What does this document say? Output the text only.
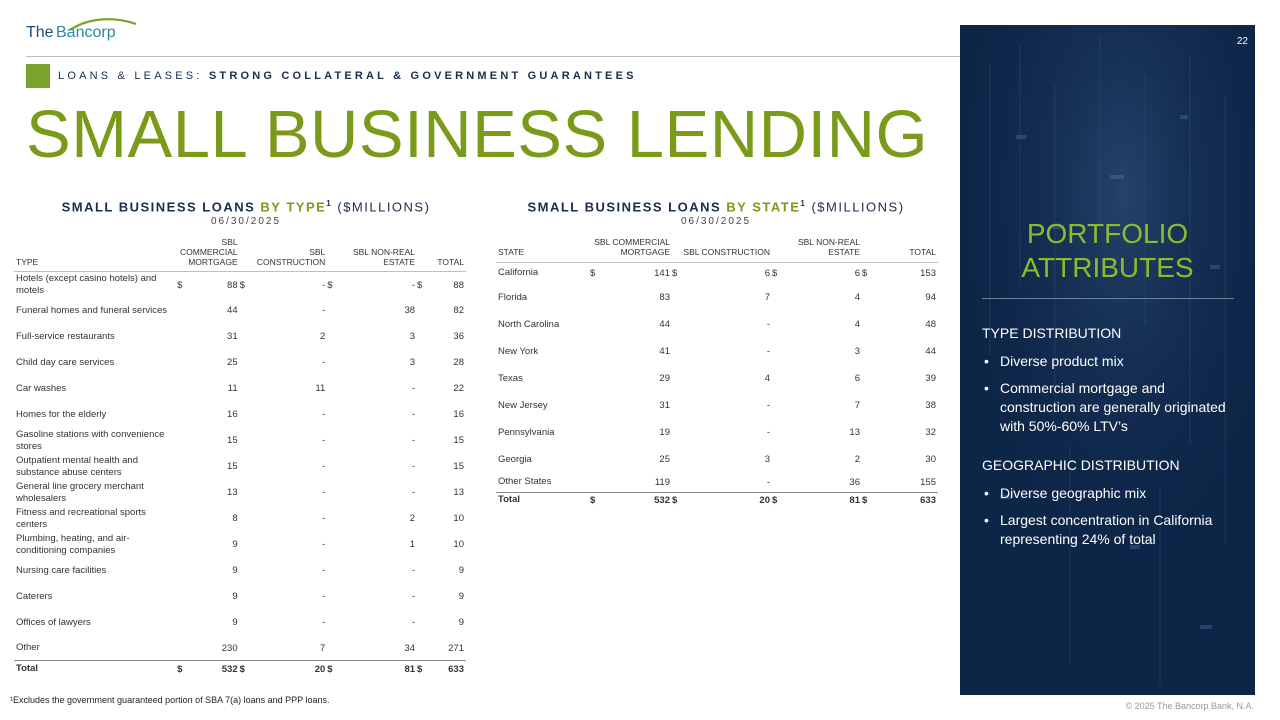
The Bancorp
LOANS & LEASES: STRONG COLLATERAL & GOVERNMENT GUARANTEES
SMALL BUSINESS LENDING
SMALL BUSINESS LOANS BY TYPE$^1$ ($MILLIONS)
06/30/2025
TYPE	SBL COMMERCIAL MORTGAGE		SBL CONSTRUCTION		SBL NON-REAL ESTATE		TOTAL	
Hotels (except casino hotels) and motels	$	88	$	-	$	-	$	88
Funeral homes and funeral services		44		-		38		82
Full-service restaurants		31		2		3		36
Child day care services		25		-		3		28
Car washes		11		11		-		22
Homes for the elderly		16		-		-		16
Gasoline stations with convenience stores		15		-		-		15
Outpatient mental health and substance abuse centers		15		-		-		15
General line grocery merchant wholesalers		13		-		-		13
Fitness and recreational sports centers		8		-		2		10
Plumbing, heating, and air-conditioning companies		9		-		1		10
Nursing care facilities		9		-		-		9
Caterers		9		-		-		9
Offices of lawyers		9		-		-		9
Other		230		7		34		271
Total	$	532	$	20	$	81	$	633
SMALL BUSINESS LOANS BY STATE$^1$ ($MILLIONS)
06/30/2025
STATE	SBL COMMERCIAL MORTGAGE		SBL CONSTRUCTION		SBL NON-REAL ESTATE		TOTAL	
California	$	141	$	6	$	6	$	153
Florida		83		7		4		94
North Carolina		44		-		4		48
New York		41		-		3		44
Texas		29		4		6		39
New Jersey		31		-		7		38
Pennsylvania		19		-		13		32
Georgia		25		3		2		30
Other States		119		-		36		155
Total	$	532	$	20	$	81	$	633
PORTFOLIO
ATTRIBUTES
TYPE DISTRIBUTION
• Diverse product mix
• Commercial mortgage and construction are generally originated with 50%-60% LTV’s
GEOGRAPHIC DISTRIBUTION
• Diverse geographic mix
• Largest concentration in California representing 24% of total
22
¹Excludes the government guaranteed portion of SBA 7(a) loans and PPP loans.
© 2025 The Bancorp Bank, N.A.
